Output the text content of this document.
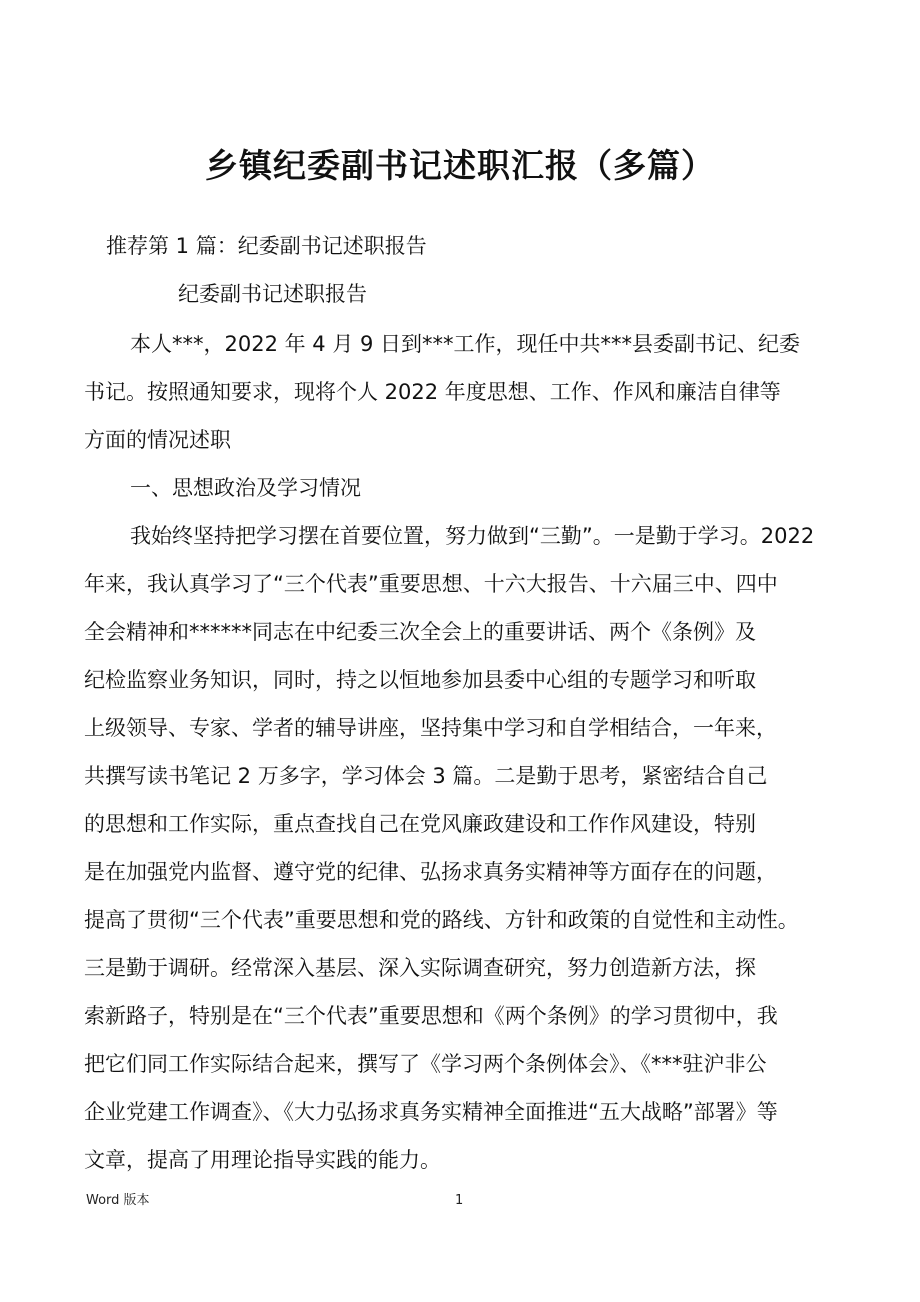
乡镇纪委副书记述职汇报（多篇）
推荐第 1 篇：纪委副书记述职报告
纪委副书记述职报告
本人***，2022 年 4 月 9 日到***工作，现任中共***县委副书记、纪委
书记。按照通知要求，现将个人 2022 年度思想、工作、作风和廉洁自律等
方面的情况述职
一、思想政治及学习情况
我始终坚持把学习摆在首要位置，努力做到“三勤”。一是勤于学习。2022
年来，我认真学习了“三个代表”重要思想、十六大报告、十六届三中、四中
全会精神和******同志在中纪委三次全会上的重要讲话、两个《条例》及
纪检监察业务知识，同时，持之以恒地参加县委中心组的专题学习和听取
上级领导、专家、学者的辅导讲座，坚持集中学习和自学相结合，一年来，
共撰写读书笔记 2 万多字，学习体会 3 篇。二是勤于思考，紧密结合自己
的思想和工作实际，重点查找自己在党风廉政建设和工作作风建设，特别
是在加强党内监督、遵守党的纪律、弘扬求真务实精神等方面存在的问题，
提高了贯彻“三个代表”重要思想和党的路线、方针和政策的自觉性和主动性。
三是勤于调研。经常深入基层、深入实际调查研究，努力创造新方法，探
索新路子，特别是在“三个代表”重要思想和《两个条例》的学习贯彻中，我
把它们同工作实际结合起来，撰写了《学习两个条例体会》、《***驻沪非公
企业党建工作调查》、《大力弘扬求真务实精神全面推进“五大战略”部署》等
文章，提高了用理论指导实践的能力。
Word 版本	1
